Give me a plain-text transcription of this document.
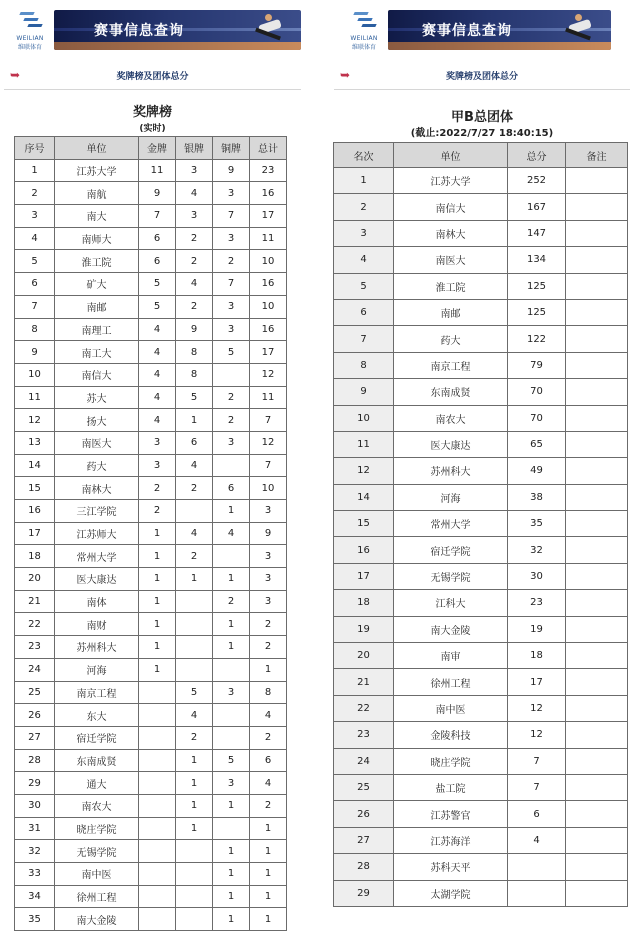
WEILIAN
维联体育
赛事信息查询
➥	奖牌榜及团体总分
奖牌榜
(实时)
序号	单位	金牌	银牌	铜牌	总计
1	江苏大学	11	3	9	23
2	南航	9	4	3	16
3	南大	7	3	7	17
4	南师大	6	2	3	11
5	淮工院	6	2	2	10
6	矿大	5	4	7	16
7	南邮	5	2	3	10
8	南理工	4	9	3	16
9	南工大	4	8	5	17
10	南信大	4	8		12
11	苏大	4	5	2	11
12	扬大	4	1	2	7
13	南医大	3	6	3	12
14	药大	3	4		7
15	南林大	2	2	6	10
16	三江学院	2		1	3
17	江苏师大	1	4	4	9
18	常州大学	1	2		3
20	医大康达	1	1	1	3
21	南体	1		2	3
22	南财	1		1	2
23	苏州科大	1		1	2
24	河海	1			1
25	南京工程		5	3	8
26	东大		4		4
27	宿迁学院		2		2
28	东南成贤		1	5	6
29	通大		1	3	4
30	南农大		1	1	2
31	晓庄学院		1		1
32	无锡学院			1	1
33	南中医			1	1
34	徐州工程			1	1
35	南大金陵			1	1
WEILIAN
维联体育
赛事信息查询
➥	奖牌榜及团体总分
甲B总团体
(截止:2022/7/27 18:40:15)
名次	单位	总分	备注
1	江苏大学	252	
2	南信大	167	
3	南林大	147	
4	南医大	134	
5	淮工院	125	
6	南邮	125	
7	药大	122	
8	南京工程	79	
9	东南成贤	70	
10	南农大	70	
11	医大康达	65	
12	苏州科大	49	
14	河海	38	
15	常州大学	35	
16	宿迁学院	32	
17	无锡学院	30	
18	江科大	23	
19	南大金陵	19	
20	南审	18	
21	徐州工程	17	
22	南中医	12	
23	金陵科技	12	
24	晓庄学院	7	
25	盐工院	7	
26	江苏警官	6	
27	江苏海洋	4	
28	苏科天平		
29	太湖学院		
